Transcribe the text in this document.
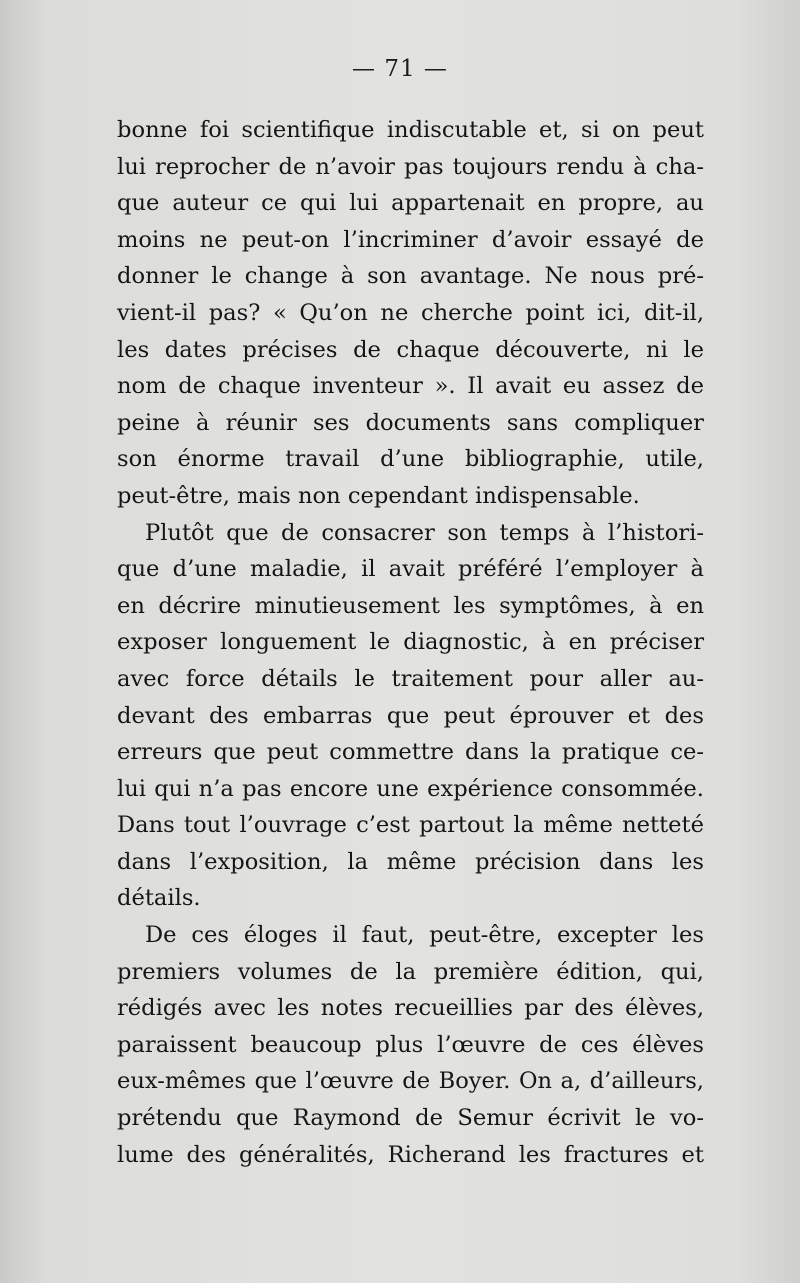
— 71 —
bonne foi scientifique indiscutable et, si on peut
lui reprocher de n’avoir pas toujours rendu à cha-
que auteur ce qui lui appartenait en propre, au
moins ne peut-on l’incriminer d’avoir essayé de
donner le change à son avantage. Ne nous pré-
vient-il pas? « Qu’on ne cherche point ici, dit-il,
les dates précises de chaque découverte, ni le
nom de chaque inventeur ». Il avait eu assez de
peine à réunir ses documents sans compliquer
son énorme travail d’une bibliographie, utile,
peut-être, mais non cependant indispensable.
Plutôt que de consacrer son temps à l’histori-
que d’une maladie, il avait préféré l’employer à
en décrire minutieusement les symptômes, à en
exposer longuement le diagnostic, à en préciser
avec force détails le traitement pour aller au-
devant des embarras que peut éprouver et des
erreurs que peut commettre dans la pratique ce-
lui qui n’a pas encore une expérience consommée.
Dans tout l’ouvrage c’est partout la même netteté
dans l’exposition, la même précision dans les
détails.
De ces éloges il faut, peut-être, excepter les
premiers volumes de la première édition, qui,
rédigés avec les notes recueillies par des élèves,
paraissent beaucoup plus l’œuvre de ces élèves
eux-mêmes que l’œuvre de Boyer. On a, d’ailleurs,
prétendu que Raymond de Semur écrivit le vo-
lume des généralités, Richerand les fractures et
